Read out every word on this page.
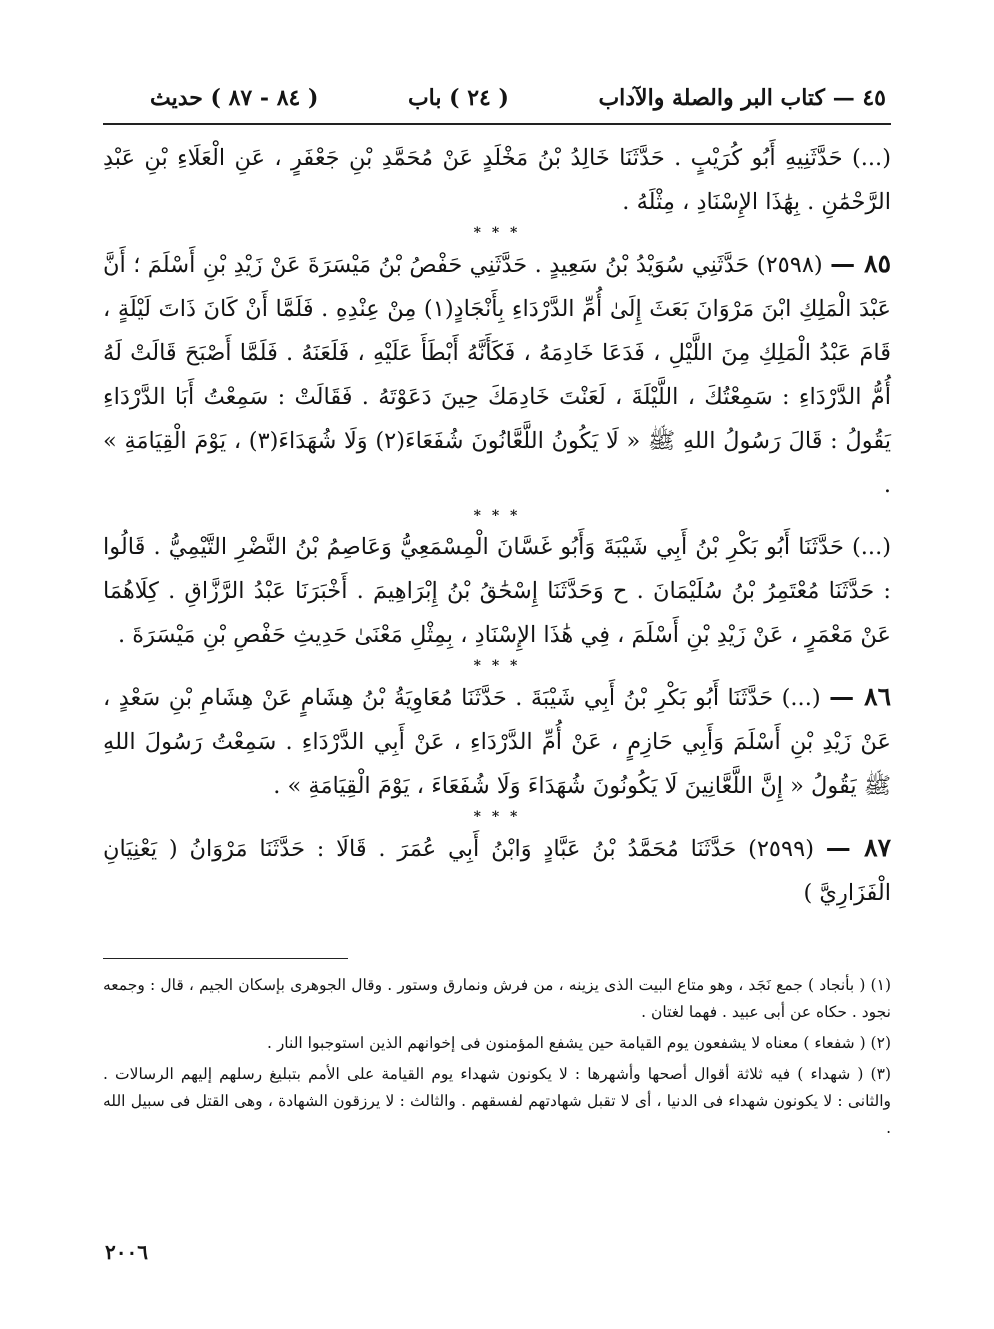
٤٥ — كتاب البر والصلة والآداب
( ٢٤ ) باب
( ٨٤ - ٨٧ ) حديث

(...) حَدَّثَنِيهِ أَبُو كُرَيْبٍ . حَدَّثَنَا خَالِدُ بْنُ مَخْلَدٍ عَنْ مُحَمَّدِ بْنِ جَعْفَرٍ ، عَنِ الْعَلَاءِ بْنِ عَبْدِ الرَّحْمَٰنِ . بِهَٰذَا الإِسْنَادِ ، مِثْلَهُ .

* * *

٨٥ — (٢٥٩٨) حَدَّثَنِي سُوَيْدُ بْنُ سَعِيدٍ . حَدَّثَنِي حَفْصُ بْنُ مَيْسَرَةَ عَنْ زَيْدِ بْنِ أَسْلَمَ ؛ أَنَّ عَبْدَ الْمَلِكِ ابْنَ مَرْوَانَ بَعَثَ إِلَىٰ أُمِّ الدَّرْدَاءِ بِأَنْجَادٍ(١) مِنْ عِنْدِهِ . فَلَمَّا أَنْ كَانَ ذَاتَ لَيْلَةٍ ، قَامَ عَبْدُ الْمَلِكِ مِنَ اللَّيْلِ ، فَدَعَا خَادِمَهُ ، فَكَأَنَّهُ أَبْطَأَ عَلَيْهِ ، فَلَعَنَهُ . فَلَمَّا أَصْبَحَ قَالَتْ لَهُ أُمُّ الدَّرْدَاءِ : سَمِعْتُكَ ، اللَّيْلَةَ ، لَعَنْتَ خَادِمَكَ حِينَ دَعَوْتَهُ . فَقَالَتْ : سَمِعْتُ أَبَا الدَّرْدَاءِ يَقُولُ : قَالَ رَسُولُ اللهِ ﷺ « لَا يَكُونُ اللَّعَّانُونَ شُفَعَاءَ(٢) وَلَا شُهَدَاءَ(٣) ، يَوْمَ الْقِيَامَةِ » .

* * *

(...) حَدَّثَنَا أَبُو بَكْرِ بْنُ أَبِي شَيْبَةَ وَأَبُو غَسَّانَ الْمِسْمَعِيُّ وَعَاصِمُ بْنُ النَّضْرِ التَّيْمِيُّ . قَالُوا : حَدَّثَنَا مُعْتَمِرُ بْنُ سُلَيْمَانَ . ح وَحَدَّثَنَا إِسْحَٰقُ بْنُ إِبْرَاهِيمَ . أَخْبَرَنَا عَبْدُ الرَّزَّاقِ . كِلَاهُمَا عَنْ مَعْمَرٍ ، عَنْ زَيْدِ بْنِ أَسْلَمَ ، فِي هَٰذَا الإِسْنَادِ ، بِمِثْلِ مَعْنَىٰ حَدِيثِ حَفْصِ بْنِ مَيْسَرَةَ .

* * *

٨٦ — (...) حَدَّثَنَا أَبُو بَكْرِ بْنُ أَبِي شَيْبَةَ . حَدَّثَنَا مُعَاوِيَةُ بْنُ هِشَامٍ عَنْ هِشَامِ بْنِ سَعْدٍ ، عَنْ زَيْدِ بْنِ أَسْلَمَ وَأَبِي حَازِمٍ ، عَنْ أُمِّ الدَّرْدَاءِ ، عَنْ أَبِي الدَّرْدَاءِ . سَمِعْتُ رَسُولَ اللهِ ﷺ يَقُولُ « إِنَّ اللَّعَّانِينَ لَا يَكُونُونَ شُهَدَاءَ وَلَا شُفَعَاءَ ، يَوْمَ الْقِيَامَةِ » .

* * *

٨٧ — (٢٥٩٩) حَدَّثَنَا مُحَمَّدُ بْنُ عَبَّادٍ وَابْنُ أَبِي عُمَرَ . قَالَا : حَدَّثَنَا مَرْوَانُ ( يَعْنِيَانِ الْفَزَارِيَّ )

(١) ( بأنجاد ) جمع نَجَد ، وهو متاع البيت الذى يزينه ، من فرش ونمارق وستور . وقال الجوهرى بإسكان الجيم ، قال : وجمعه نجود . حكاه عن أبى عبيد . فهما لغتان .

(٢) ( شفعاء ) معناه لا يشفعون يوم القيامة حين يشفع المؤمنون فى إخوانهم الذين استوجبوا النار .

(٣) ( شهداء ) فيه ثلاثة أقوال أصحها وأشهرها : لا يكونون شهداء يوم القيامة على الأمم بتبليغ رسلهم إليهم الرسالات . والثانى : لا يكونون شهداء فى الدنيا ، أى لا تقبل شهادتهم لفسقهم . والثالث : لا يرزقون الشهادة ، وهى القتل فى سبيل الله .

٢٠٠٦
